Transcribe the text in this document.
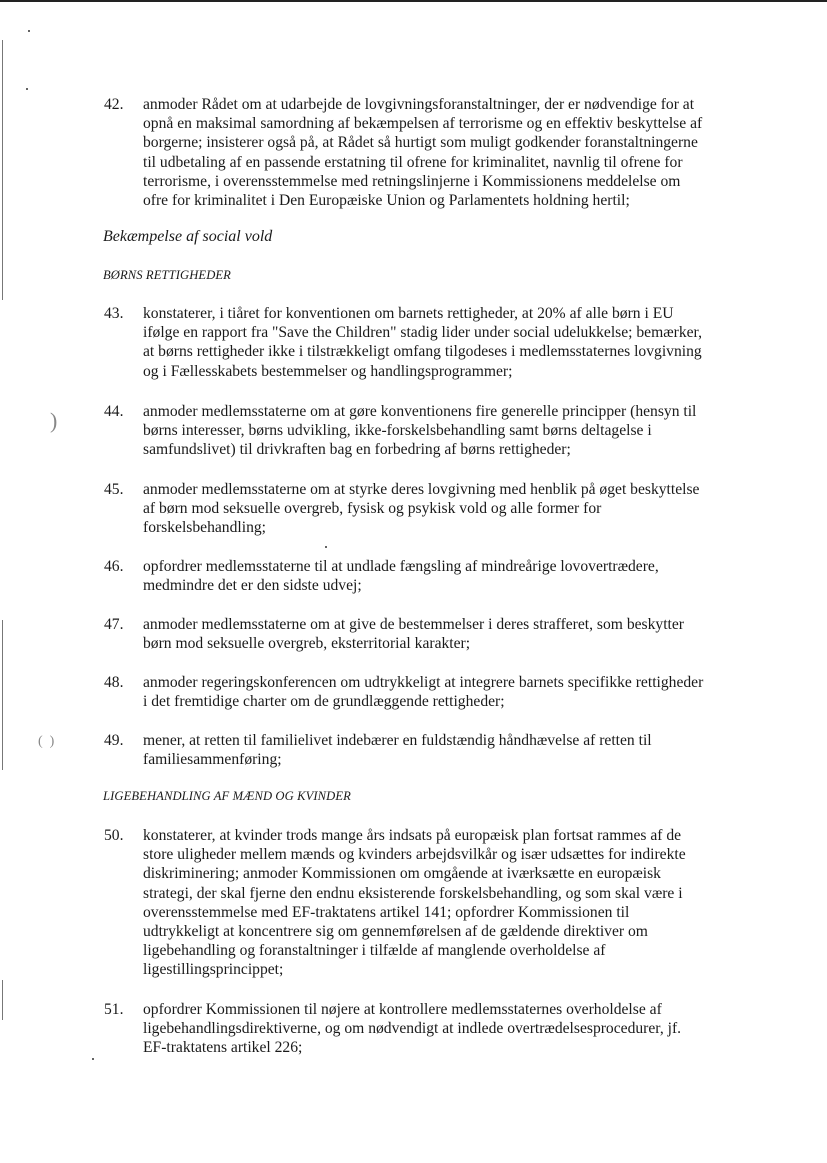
)
(  )
42. anmoder Rådet om at udarbejde de lovgivningsforanstaltninger, der er nødvendige for at
opnå en maksimal samordning af bekæmpelsen af terrorisme og en effektiv beskyttelse af
borgerne; insisterer også på, at Rådet så hurtigt som muligt godkender foranstaltningerne
til udbetaling af en passende erstatning til ofrene for kriminalitet, navnlig til ofrene for
terrorisme, i overensstemmelse med retningslinjerne i Kommissionens meddelelse om
ofre for kriminalitet i Den Europæiske Union og Parlamentets holdning hertil;
Bekæmpelse af social vold
BØRNS RETTIGHEDER
43. konstaterer, i tiåret for konventionen om barnets rettigheder, at 20% af alle børn i EU
ifølge en rapport fra "Save the Children" stadig lider under social udelukkelse; bemærker,
at børns rettigheder ikke i tilstrækkeligt omfang tilgodeses i medlemsstaternes lovgivning
og i Fællesskabets bestemmelser og handlingsprogrammer;
44. anmoder medlemsstaterne om at gøre konventionens fire generelle principper (hensyn til
børns interesser, børns udvikling, ikke-forskelsbehandling samt børns deltagelse i
samfundslivet) til drivkraften bag en forbedring af børns rettigheder;
45. anmoder medlemsstaterne om at styrke deres lovgivning med henblik på øget beskyttelse
af børn mod seksuelle overgreb, fysisk og psykisk vold og alle former for
forskelsbehandling;
46. opfordrer medlemsstaterne til at undlade fængsling af mindreårige lovovertrædere,
medmindre det er den sidste udvej;
47. anmoder medlemsstaterne om at give de bestemmelser i deres strafferet, som beskytter
børn mod seksuelle overgreb, eksterritorial karakter;
48. anmoder regeringskonferencen om udtrykkeligt at integrere barnets specifikke rettigheder
i det fremtidige charter om de grundlæggende rettigheder;
49. mener, at retten til familielivet indebærer en fuldstændig håndhævelse af retten til
familiesammenføring;
LIGEBEHANDLING AF MÆND OG KVINDER
50. konstaterer, at kvinder trods mange års indsats på europæisk plan fortsat rammes af de
store uligheder mellem mænds og kvinders arbejdsvilkår og især udsættes for indirekte
diskriminering; anmoder Kommissionen om omgående at iværksætte en europæisk
strategi, der skal fjerne den endnu eksisterende forskelsbehandling, og som skal være i
overensstemmelse med EF-traktatens artikel 141; opfordrer Kommissionen til
udtrykkeligt at koncentrere sig om gennemførelsen af de gældende direktiver om
ligebehandling og foranstaltninger i tilfælde af manglende overholdelse af
ligestillingsprincippet;
51. opfordrer Kommissionen til nøjere at kontrollere medlemsstaternes overholdelse af
ligebehandlingsdirektiverne, og om nødvendigt at indlede overtrædelsesprocedurer, jf.
EF-traktatens artikel 226;
